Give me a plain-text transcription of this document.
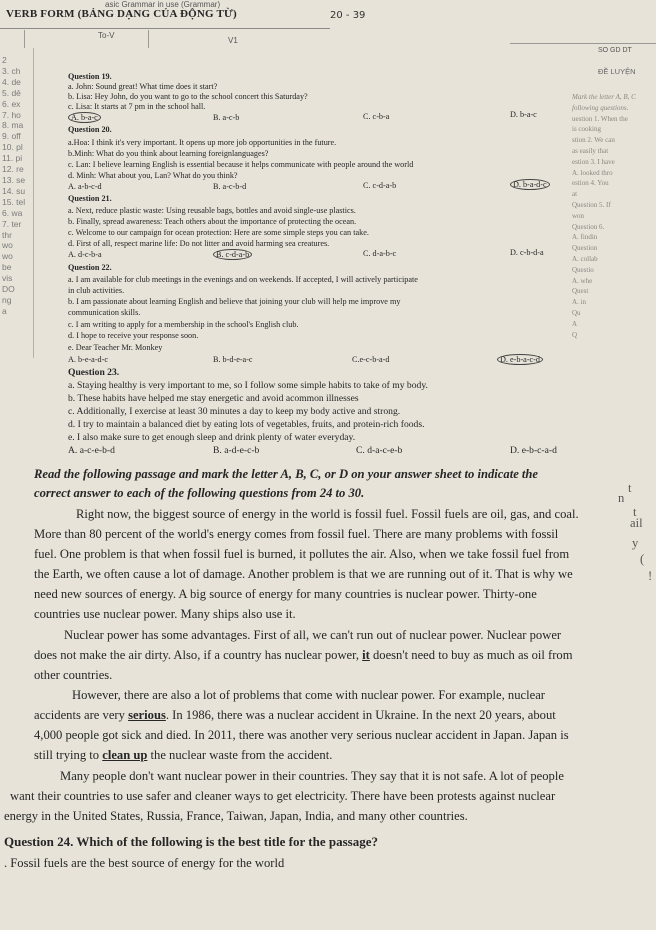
asic Grammar in use (Grammar)
VERB FORM (BẢNG DẠNG CỦA ĐỘNG TỪ)	20 - 39
To-V
V1
SO GD DT
ĐỀ LUYỆN
2
3. ch
4. de
5. dẻ
6. ex
7. ho
8. ma
9. off
10. pl
11. pi
12. re
13. se
14. su
15. tel
6. wa
7. ter
thr
wo
wo
be
vis
DO
ng
a
Mark the letter A, B, C
following questions.
uestion 1. When the
is cooking
stion 2. We can
as easily that
estion 3. I have
A. looked thro
estion 4. You
at
Question 5. If
won
Question 6.
A. findin
Question
A. collab
Questio
A. whe
Quest
A. in
Qu
A
Q
Question 19.
a. John: Sound great! What time does it start?
b. Lisa: Hey John, do you want to go to the school concert this Saturday?
c. Lisa: It starts at 7 pm in the school hall.
A. b-a-c	B. a-c-b	C. c-b-a	D. b-a-c
Question 20.
a.Hoa: I think it's very important. It opens up more job opportunities in the future.
b.Minh: What do you think about learning foreignlanguages?
c. Lan: I believe learning English is essential because it helps communicate with people around the world
d. Minh: What about you, Lan? What do you think?
A. a-b-c-d	B. a-c-b-d	C. c-d-a-b	D. b-a-d-c
Question 21.
a. Next, reduce plastic waste: Using reusable bags, bottles and avoid single-use plastics.
b. Finally, spread awareness: Teach others about the importance of protecting the ocean.
c. Welcome to our campaign for ocean protection: Here are some simple steps you can take.
d. First of all, respect marine life: Do not litter and avoid harming sea creatures.
A. d-c-b-a	B. c-d-a-b	C. d-a-b-c	D. c-b-d-a
Question 22.
a. I am available for club meetings in the evenings and on weekends. If accepted, I will actively participate
in club activities.
b. I am passionate about learning English and believe that joining your club will help me improve my
communication skills.
c. I am writing to apply for a membership in the school's English club.
d. I hope to receive your response soon.
e. Dear Teacher Mr. Monkey
A. b-e-a-d-c	B. b-d-e-a-c	C.e-c-b-a-d	D. e-b-a-c-d
Question 23.
a. Staying healthy is very important to me, so I follow some simple habits to take of my body.
b. These habits have helped me stay energetic and avoid acommon illnesses
c. Additionally, I exercise at least 30 minutes a day to keep my body active and strong.
d. I try to maintain a balanced diet by eating lots of vegetables, fruits, and protein-rich foods.
e. I also make sure to get enough sleep and drink plenty of water everyday.
A. a-c-e-b-d	B. a-d-e-c-b	C. d-a-c-e-b	D. e-b-c-a-d
Read the following passage and mark the letter A, B, C, or D on your answer sheet to indicate the
correct answer to each of the following questions from 24 to 30.
Right now, the biggest source of energy in the world is fossil fuel. Fossil fuels are oil, gas, and coal.
More than 80 percent of the world's energy comes from fossil fuel. There are many problems with fossil
fuel. One problem is that when fossil fuel is burned, it pollutes the air. Also, when we take fossil fuel from
the Earth, we often cause a lot of damage. Another problem is that we are running out of it. That is why we
need new sources of energy. A big source of energy for many countries is nuclear power. Thirty-one
countries use nuclear power. Many ships also use it.
Nuclear power has some advantages. First of all, we can't run out of nuclear power. Nuclear power
does not make the air dirty. Also, if a country has nuclear power, it doesn't need to buy as much as oil from
other countries.
However, there are also a lot of problems that come with nuclear power. For example, nuclear
accidents are very serious. In 1986, there was a nuclear accident in Ukraine. In the next 20 years, about
4,000 people got sick and died. In 2011, there was another very serious nuclear accident in Japan. Japan is
still trying to clean up the nuclear waste from the accident.
Many people don't want nuclear power in their countries. They say that it is not safe. A lot of people
want their countries to use safer and cleaner ways to get electricity. There have been protests against nuclear
energy in the United States, Russia, France, Taiwan, Japan, India, and many other countries.
Question 24. Which of the following is the best title for the passage?
. Fossil fuels are the best source of energy for the world
t
n
t
ail
y
(
!
